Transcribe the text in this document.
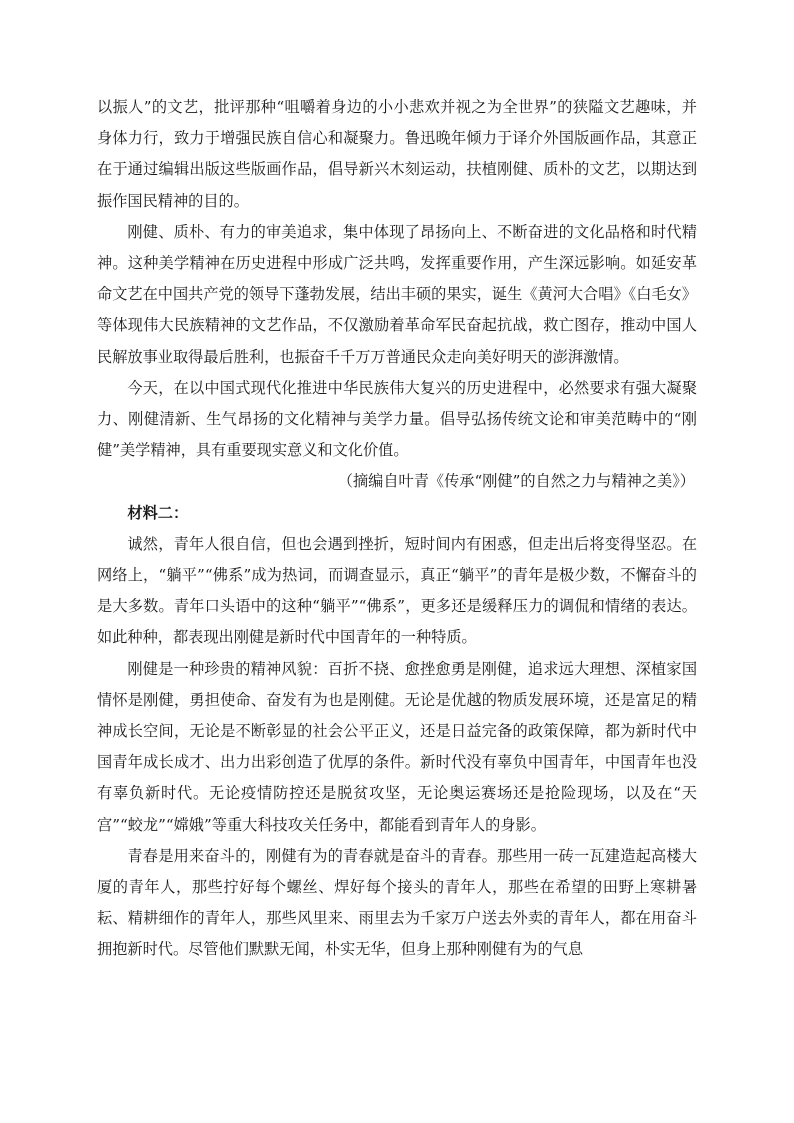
以振人”的文艺，批评那种“咀嚼着身边的小小悲欢并视之为全世界”的狭隘文艺趣味，并身体力行，致力于增强民族自信心和凝聚力。鲁迅晚年倾力于译介外国版画作品，其意正在于通过编辑出版这些版画作品，倡导新兴木刻运动，扶植刚健、质朴的文艺，以期达到振作国民精神的目的。

刚健、质朴、有力的审美追求，集中体现了昂扬向上、不断奋进的文化品格和时代精神。这种美学精神在历史进程中形成广泛共鸣，发挥重要作用，产生深远影响。如延安革命文艺在中国共产党的领导下蓬勃发展，结出丰硕的果实，诞生《黄河大合唱》《白毛女》等体现伟大民族精神的文艺作品，不仅激励着革命军民奋起抗战，救亡图存，推动中国人民解放事业取得最后胜利，也振奋千千万万普通民众走向美好明天的澎湃激情。

今天，在以中国式现代化推进中华民族伟大复兴的历史进程中，必然要求有强大凝聚力、刚健清新、生气昂扬的文化精神与美学力量。倡导弘扬传统文论和审美范畴中的“刚健”美学精神，具有重要现实意义和文化价值。

（摘编自叶青《传承“刚健”的自然之力与精神之美》）

材料二：

诚然，青年人很自信，但也会遇到挫折，短时间内有困惑，但走出后将变得坚忍。在网络上，“躺平”“佛系”成为热词，而调查显示，真正“躺平”的青年是极少数，不懈奋斗的是大多数。青年口头语中的这种“躺平”“佛系”，更多还是缓释压力的调侃和情绪的表达。如此种种，都表现出刚健是新时代中国青年的一种特质。

刚健是一种珍贵的精神风貌：百折不挠、愈挫愈勇是刚健，追求远大理想、深植家国情怀是刚健，勇担使命、奋发有为也是刚健。无论是优越的物质发展环境，还是富足的精神成长空间，无论是不断彰显的社会公平正义，还是日益完备的政策保障，都为新时代中国青年成长成才、出力出彩创造了优厚的条件。新时代没有辜负中国青年，中国青年也没有辜负新时代。无论疫情防控还是脱贫攻坚，无论奥运赛场还是抢险现场，以及在“天宫”“蛟龙”“嫦娥”等重大科技攻关任务中，都能看到青年人的身影。

青春是用来奋斗的，刚健有为的青春就是奋斗的青春。那些用一砖一瓦建造起高楼大厦的青年人，那些拧好每个螺丝、焊好每个接头的青年人，那些在希望的田野上寒耕暑耘、精耕细作的青年人，那些风里来、雨里去为千家万户送去外卖的青年人，都在用奋斗拥抱新时代。尽管他们默默无闻，朴实无华，但身上那种刚健有为的气息
